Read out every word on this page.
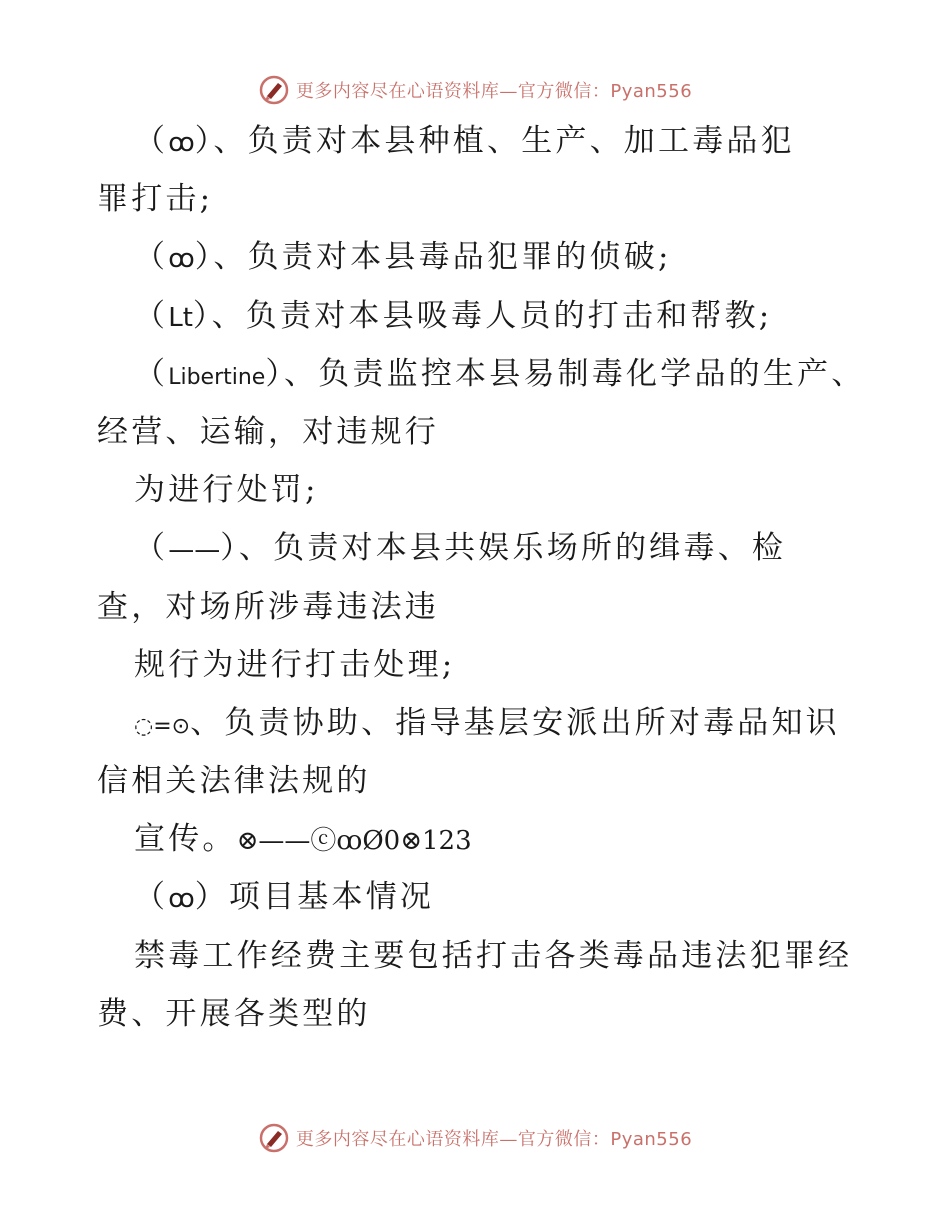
更多内容尽在心语资料库—官方微信：Pyan556
（ꝏ）、负责对本县种植、生产、加工毒品犯
罪打击;
（ꝏ）、负责对本县毒品犯罪的侦破;
（Lt）、负责对本县吸毒人员的打击和帮教;
（Libertine）、负责监控本县易制毒化学品的生产、
经营、运输，对违规行
为进行处罚;
（——）、负责对本县共娱乐场所的缉毒、检
查，对场所涉毒违法违
规行为进行打击处理;
◌=⊙、负责协助、指导基层安派出所对毒品知识
信相关法律法规的
宣传。⊗——ⓒꝏØ0⊗123
（ꝏ）项目基本情况
禁毒工作经费主要包括打击各类毒品违法犯罪经
费、开展各类型的
更多内容尽在心语资料库—官方微信：Pyan556
